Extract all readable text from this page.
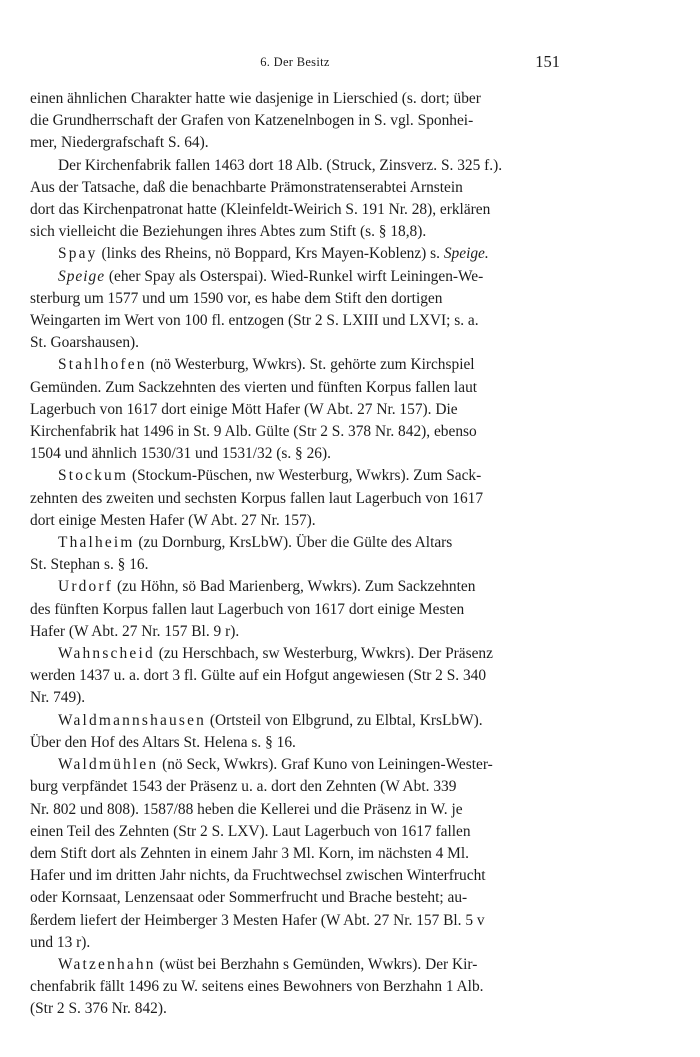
6. Der Besitz	151

einen ähnlichen Charakter hatte wie dasjenige in Lierschied (s. dort; über
die Grundherrschaft der Grafen von Katzenelnbogen in S. vgl. Sponhei-
mer, Niedergrafschaft S. 64).

Der Kirchenfabrik fallen 1463 dort 18 Alb. (Struck, Zinsverz. S. 325 f.).
Aus der Tatsache, daß die benachbarte Prämonstratenserabtei Arnstein
dort das Kirchenpatronat hatte (Kleinfeldt-Weirich S. 191 Nr. 28), erklären
sich vielleicht die Beziehungen ihres Abtes zum Stift (s. § 18,8).

Spay (links des Rheins, nö Boppard, Krs Mayen-Koblenz) s. Speige.

Speige (eher Spay als Osterspai). Wied-Runkel wirft Leiningen-We-
sterburg um 1577 und um 1590 vor, es habe dem Stift den dortigen
Weingarten im Wert von 100 fl. entzogen (Str 2 S. LXIII und LXVI; s. a.
St. Goarshausen).

Stahlhofen (nö Westerburg, Wwkrs). St. gehörte zum Kirchspiel
Gemünden. Zum Sackzehnten des vierten und fünften Korpus fallen laut
Lagerbuch von 1617 dort einige Mött Hafer (W Abt. 27 Nr. 157). Die
Kirchenfabrik hat 1496 in St. 9 Alb. Gülte (Str 2 S. 378 Nr. 842), ebenso
1504 und ähnlich 1530/31 und 1531/32 (s. § 26).

Stockum (Stockum-Püschen, nw Westerburg, Wwkrs). Zum Sack-
zehnten des zweiten und sechsten Korpus fallen laut Lagerbuch von 1617
dort einige Mesten Hafer (W Abt. 27 Nr. 157).

Thalheim (zu Dornburg, KrsLbW). Über die Gülte des Altars
St. Stephan s. § 16.

Urdorf (zu Höhn, sö Bad Marienberg, Wwkrs). Zum Sackzehnten
des fünften Korpus fallen laut Lagerbuch von 1617 dort einige Mesten
Hafer (W Abt. 27 Nr. 157 Bl. 9 r).

Wahnscheid (zu Herschbach, sw Westerburg, Wwkrs). Der Präsenz
werden 1437 u. a. dort 3 fl. Gülte auf ein Hofgut angewiesen (Str 2 S. 340
Nr. 749).

Waldmannshausen (Ortsteil von Elbgrund, zu Elbtal, KrsLbW).
Über den Hof des Altars St. Helena s. § 16.

Waldmühlen (nö Seck, Wwkrs). Graf Kuno von Leiningen-Wester-
burg verpfändet 1543 der Präsenz u. a. dort den Zehnten (W Abt. 339
Nr. 802 und 808). 1587/88 heben die Kellerei und die Präsenz in W. je
einen Teil des Zehnten (Str 2 S. LXV). Laut Lagerbuch von 1617 fallen
dem Stift dort als Zehnten in einem Jahr 3 Ml. Korn, im nächsten 4 Ml.
Hafer und im dritten Jahr nichts, da Fruchtwechsel zwischen Winterfrucht
oder Kornsaat, Lenzensaat oder Sommerfrucht und Brache besteht; au-
ßerdem liefert der Heimberger 3 Mesten Hafer (W Abt. 27 Nr. 157 Bl. 5 v
und 13 r).

Watzenhahn (wüst bei Berzhahn s Gemünden, Wwkrs). Der Kir-
chenfabrik fällt 1496 zu W. seitens eines Bewohners von Berzhahn 1 Alb.
(Str 2 S. 376 Nr. 842).
